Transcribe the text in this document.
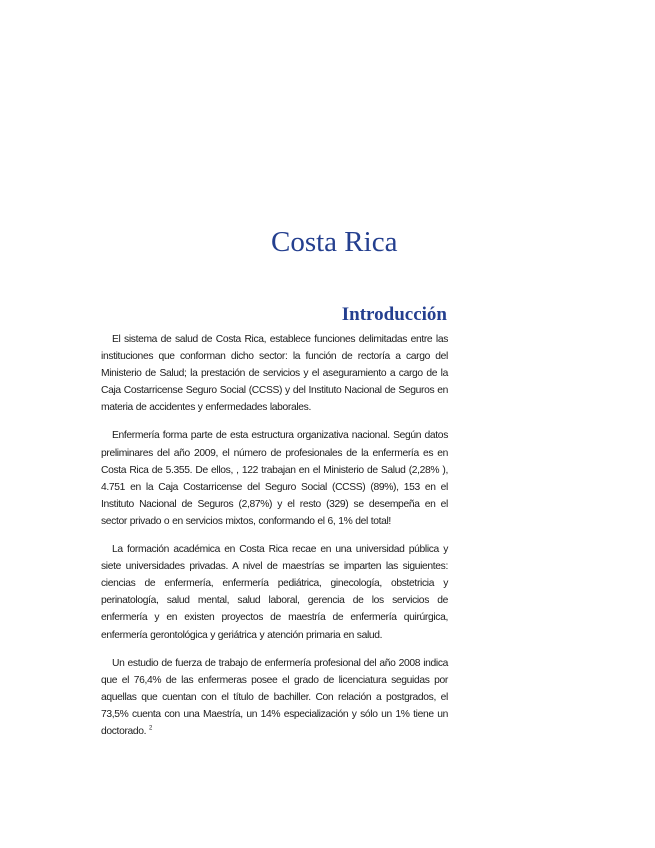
Costa Rica
Introducción

El sistema de salud de Costa Rica, establece funciones delimitadas entre las instituciones que conforman dicho sector: la función de rectoría a cargo del Ministerio de Salud; la prestación de servicios y el aseguramiento a cargo de la Caja Costarricense Seguro Social (CCSS) y del Instituto Nacional de Seguros en materia de accidentes y enfermedades laborales.

Enfermería forma parte de esta estructura organizativa nacional. Según datos preliminares del año 2009, el número de profesionales de la enfermería es en Costa Rica de 5.355. De ellos, , 122 trabajan en el Ministerio de Salud (2,28% ), 4.751 en la Caja Costarricense del Seguro Social (CCSS) (89%), 153 en el Instituto Nacional de Seguros (2,87%) y el resto (329) se desempeña en el sector privado o en servicios mixtos, conformando el 6, 1% del total!

La formación académica en Costa Rica recae en una universidad pública y siete universidades privadas. A nivel de maestrías se imparten las siguientes: ciencias de enfermería, enfermería pediátrica, ginecología, obstetricia y perinatología, salud mental, salud laboral, gerencia de los servicios de enfermería y en existen proyectos de maestría de enfermería quirúrgica, enfermería gerontológica y geriátrica y atención primaria en salud.

Un estudio de fuerza de trabajo de enfermería profesional del año 2008 indica que el 76,4% de las enfermeras posee el grado de licenciatura seguidas por aquellas que cuentan con el título de bachiller. Con relación a postgrados, el 73,5% cuenta con una Maestría, un 14% especialización y sólo un 1% tiene un doctorado. $^2$
